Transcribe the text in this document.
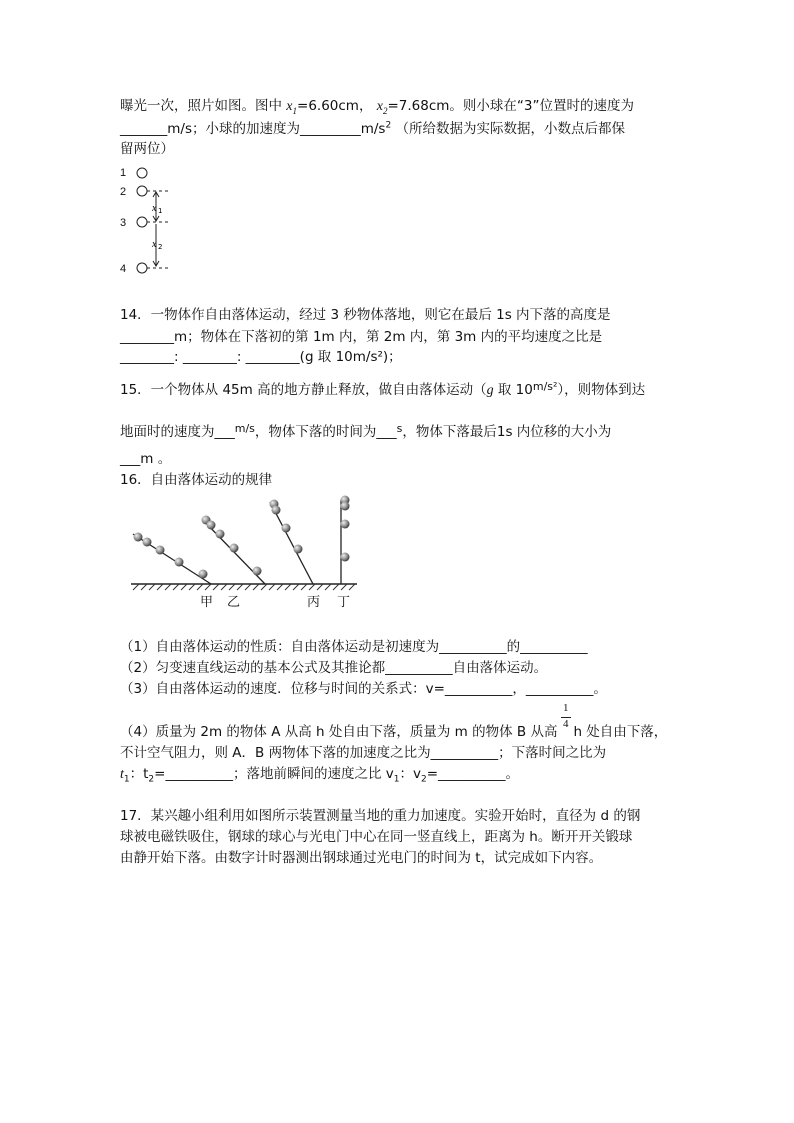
曝光一次，照片如图。图中 $x_1=6.60cm$， $x_2=7.68cm$。则小球在“3”位置时的速度为
_______m/s；小球的加速度为$\_\_\_\_\_\_\_\_\_m/s^2$ （所给数据为实际数据，小数点后都保
留两位）
1
2
3
4
x 1
x 2
14．一物体作自由落体运动，经过 3 秒物体落地，则它在最后 1s 内下落的高度是
________m；物体在下落初的第 1m 内，第 2m 内，第 3m 内的平均速度之比是
________: ________: ________(g 取 10m/s²)；
15．一个物体从 45m 高的地方静止释放，做自由落体运动（g 取 $10^{m/s^2}$），则物体到达
地面时的速度为___$^{m/s}$，物体下落的时间为___$^s$，物体下落最后1s 内位移的大小为
___m 。
16．自由落体运动的规律
甲 乙	丙 丁
（1）自由落体运动的性质：自由落体运动是初速度为__________的__________
（2）匀变速直线运动的基本公式及其推论都__________自由落体运动。
（3）自由落体运动的速度．位移与时间的关系式：v=__________，__________。
1
4
（4）质量为 2m 的物体 A 从高 h 处自由下落，质量为 m 的物体 B 从高 h 处自由下落，
不计空气阻力，则 A．B 两物体下落的加速度之比为__________；下落时间之比为
$t_1$：$t_2=\_\_\_\_\_\_\_\_\_\_$；落地前瞬间的速度之比 $v_1$：$v_2=\_\_\_\_\_\_\_\_\_\_$。
17．某兴趣小组利用如图所示装置测量当地的重力加速度。实验开始时，直径为 d 的钢
球被电磁铁吸住，钢球的球心与光电门中心在同一竖直线上，距离为 h。断开开关锻球
由静开始下落。由数字计时器测出钢球通过光电门的时间为 t，试完成如下内容。
